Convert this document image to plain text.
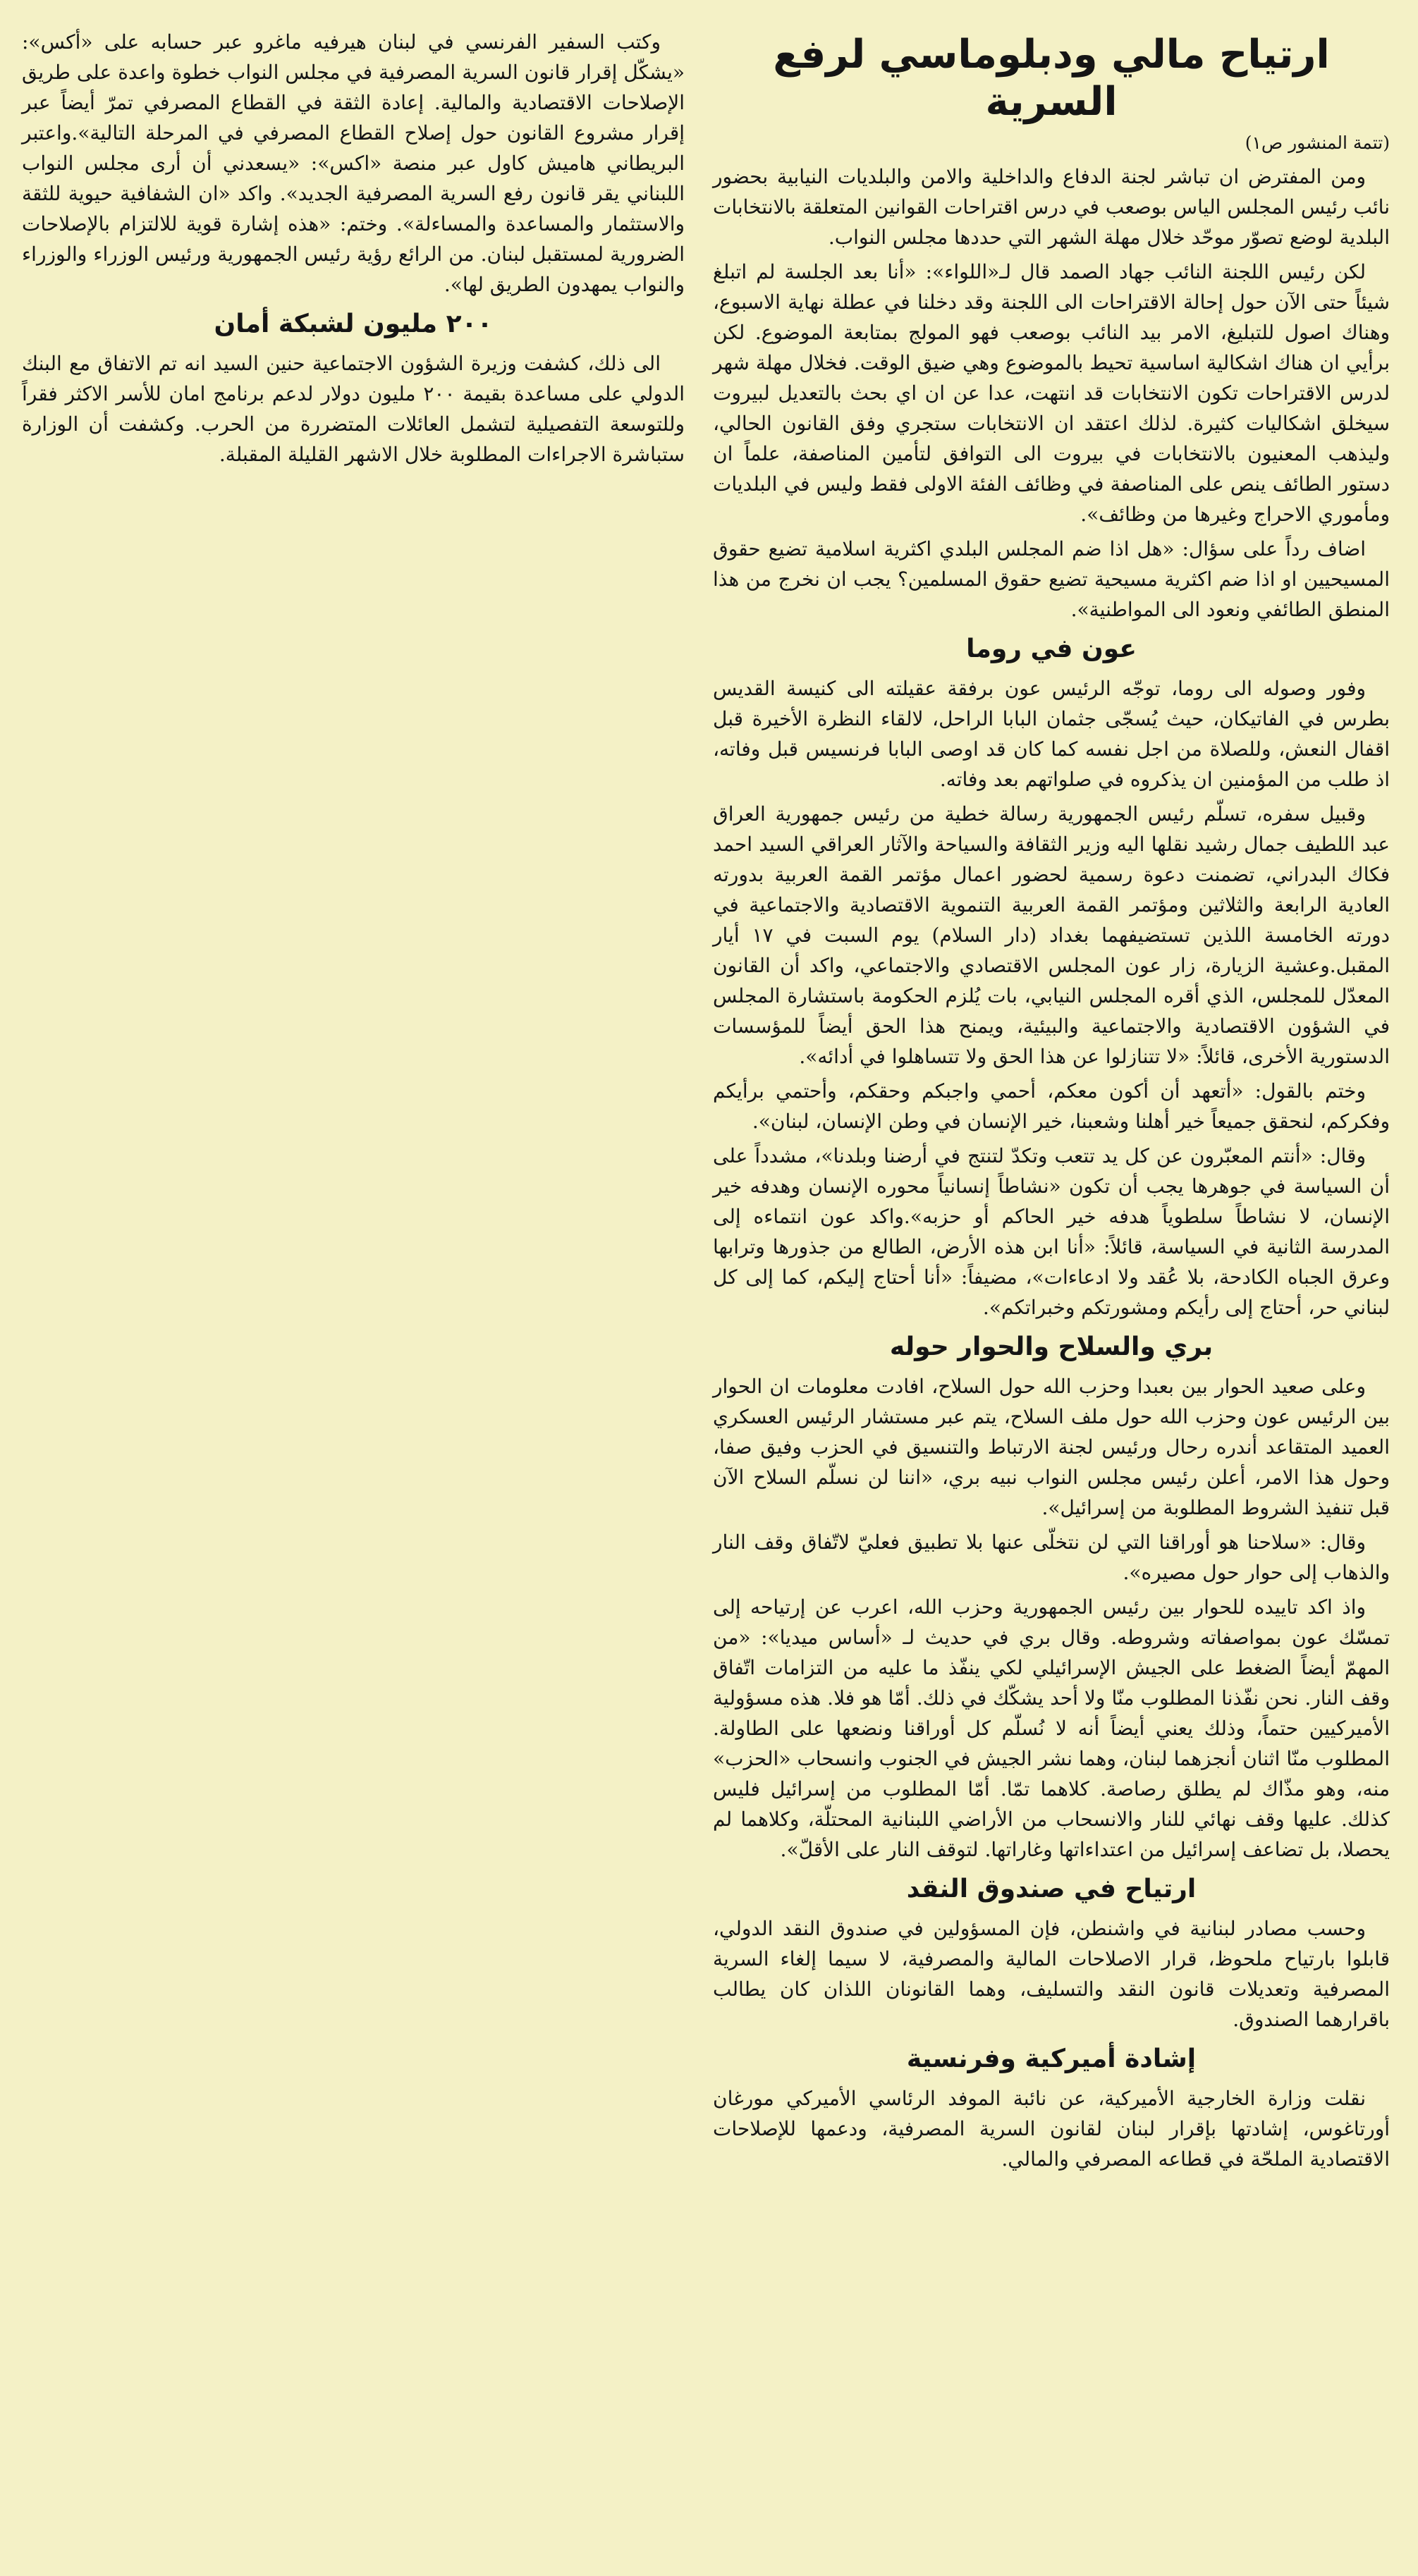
ارتياح مالي ودبلوماسي لرفع السرية
(تتمة المنشور ص١)

ومن المفترض ان تباشر لجنة الدفاع والداخلية والامن والبلديات النيابية بحضور نائب رئيس المجلس الياس بوصعب في درس اقتراحات القوانين المتعلقة بالانتخابات البلدية لوضع تصوّر موحّد خلال مهلة الشهر التي حددها مجلس النواب.

لكن رئيس اللجنة النائب جهاد الصمد قال لـ«اللواء»: «أنا بعد الجلسة لم اتبلغ شيئاً حتى الآن حول إحالة الاقتراحات الى اللجنة وقد دخلنا في عطلة نهاية الاسبوع، وهناك اصول للتبليغ، الامر بيد النائب بوصعب فهو المولج بمتابعة الموضوع. لكن برأيي ان هناك اشكالية اساسية تحيط بالموضوع وهي ضيق الوقت. فخلال مهلة شهر لدرس الاقتراحات تكون الانتخابات قد انتهت، عدا عن ان اي بحث بالتعديل لبيروت سيخلق اشكاليات كثيرة. لذلك اعتقد ان الانتخابات ستجري وفق القانون الحالي، وليذهب المعنيون بالانتخابات في بيروت الى التوافق لتأمين المناصفة، علماً ان دستور الطائف ينص على المناصفة في وظائف الفئة الاولى فقط وليس في البلديات ومأموري الاحراج وغيرها من وظائف».

اضاف رداً على سؤال: «هل اذا ضم المجلس البلدي اكثرية اسلامية تضيع حقوق المسيحيين او اذا ضم اكثرية مسيحية تضيع حقوق المسلمين؟ يجب ان نخرج من هذا المنطق الطائفي ونعود الى المواطنية».

عون في روما

وفور وصوله الى روما، توجّه الرئيس عون برفقة عقيلته الى كنيسة القديس بطرس في الفاتيكان، حيث يُسجّى جثمان البابا الراحل، لالقاء النظرة الأخيرة قبل اقفال النعش، وللصلاة من اجل نفسه كما كان قد اوصى البابا فرنسيس قبل وفاته، اذ طلب من المؤمنين ان يذكروه في صلواتهم بعد وفاته.

وقبيل سفره، تسلّم رئيس الجمهورية رسالة خطية من رئيس جمهورية العراق عبد اللطيف جمال رشيد نقلها اليه وزير الثقافة والسياحة والآثار العراقي السيد احمد فكاك البدراني، تضمنت دعوة رسمية لحضور اعمال مؤتمر القمة العربية بدورته العادية الرابعة والثلاثين ومؤتمر القمة العربية التنموية الاقتصادية والاجتماعية في دورته الخامسة اللذين تستضيفهما بغداد (دار السلام) يوم السبت في ١٧ أيار المقبل.وعشية الزيارة، زار عون المجلس الاقتصادي والاجتماعي، واكد أن القانون المعدّل للمجلس، الذي أقره المجلس النيابي، بات يُلزم الحكومة باستشارة المجلس في الشؤون الاقتصادية والاجتماعية والبيئية، ويمنح هذا الحق أيضاً للمؤسسات الدستورية الأخرى، قائلاً: «لا تتنازلوا عن هذا الحق ولا تتساهلوا في أدائه».

وختم بالقول: «أتعهد أن أكون معكم، أحمي واجبكم وحقكم، وأحتمي برأيكم وفكركم، لنحقق جميعاً خير أهلنا وشعبنا، خير الإنسان في وطن الإنسان، لبنان».

وقال: «أنتم المعبّرون عن كل يد تتعب وتكدّ لتنتج في أرضنا وبلدنا»، مشدداً على أن السياسة في جوهرها يجب أن تكون «نشاطاً إنسانياً محوره الإنسان وهدفه خير الإنسان، لا نشاطاً سلطوياً هدفه خير الحاكم أو حزبه».واكد عون انتماءه إلى المدرسة الثانية في السياسة، قائلاً: «أنا ابن هذه الأرض، الطالع من جذورها وترابها وعرق الجباه الكادحة، بلا عُقد ولا ادعاءات»، مضيفاً: «أنا أحتاج إليكم، كما إلى كل لبناني حر، أحتاج إلى رأيكم ومشورتكم وخبراتكم».

بري والسلاح والحوار حوله

وعلى صعيد الحوار بين بعبدا وحزب الله حول السلاح، افادت معلومات ان الحوار بين الرئيس عون وحزب الله حول ملف السلاح، يتم عبر مستشار الرئيس العسكري العميد المتقاعد أندره رحال ورئيس لجنة الارتباط والتنسيق في الحزب وفيق صفا، وحول هذا الامر، أعلن رئيس مجلس النواب نبيه بري، «اننا لن نسلّم السلاح الآن قبل تنفيذ الشروط المطلوبة من إسرائيل».

وقال: «سلاحنا هو أوراقنا التي لن نتخلّى عنها بلا تطبيق فعليّ لاتّفاق وقف النار والذهاب إلى حوار حول مصيره».

واذ اكد تاييده للحوار بين رئيس الجمهورية وحزب الله، اعرب عن إرتياحه إلى تمسّك عون بمواصفاته وشروطه. وقال بري في حديث لـ «أساس ميديا»: «من المهمّ أيضاً الضغط على الجيش الإسرائيلي لكي ينفّذ ما عليه من التزامات اتّفاق وقف النار. نحن نفّذنا المطلوب منّا ولا أحد يشكّك في ذلك. أمّا هو فلا. هذه مسؤولية الأميركيين حتماً، وذلك يعني أيضاً أنه لا نُسلّم كل أوراقنا ونضعها على الطاولة. المطلوب منّا اثنان أنجزهما لبنان، وهما نشر الجيش في الجنوب وانسحاب «الحزب» منه، وهو مذّاك لم يطلق رصاصة. كلاهما تمّا. أمّا المطلوب من إسرائيل فليس كذلك. عليها وقف نهائي للنار والانسحاب من الأراضي اللبنانية المحتلّة، وكلاهما لم يحصلا، بل تضاعف إسرائيل من اعتداءاتها وغاراتها. لتوقف النار على الأقلّ».

ارتياح في صندوق النقد

وحسب مصادر لبنانية في واشنطن، فإن المسؤولين في صندوق النقد الدولي، قابلوا بارتياح ملحوظ، قرار الاصلاحات المالية والمصرفية، لا سيما إلغاء السرية المصرفية وتعديلات قانون النقد والتسليف، وهما القانونان اللذان كان يطالب باقرارهما الصندوق.

إشادة أميركية وفرنسية

نقلت وزارة الخارجية الأميركية، عن نائبة الموفد الرئاسي الأميركي مورغان أورتاغوس، إشادتها بإقرار لبنان لقانون السرية المصرفية، ودعمها للإصلاحات الاقتصادية الملحّة في قطاعه المصرفي والمالي.

وكتب السفير الفرنسي في لبنان هيرفيه ماغرو عبر حسابه على «أكس»: «يشكّل إقرار قانون السرية المصرفية في مجلس النواب خطوة واعدة على طريق الإصلاحات الاقتصادية والمالية. إعادة الثقة في القطاع المصرفي تمرّ أيضاً عبر إقرار مشروع القانون حول إصلاح القطاع المصرفي في المرحلة التالية».واعتبر البريطاني هاميش كاول عبر منصة «اكس»: «يسعدني أن أرى مجلس النواب اللبناني يقر قانون رفع السرية المصرفية الجديد». واكد «ان الشفافية حيوية للثقة والاستثمار والمساعدة والمساءلة». وختم: «هذه إشارة قوية للالتزام بالإصلاحات الضرورية لمستقبل لبنان. من الرائع رؤية رئيس الجمهورية ورئيس الوزراء والوزراء والنواب يمهدون الطريق لها».

٢٠٠ مليون لشبكة أمان

الى ذلك، كشفت وزيرة الشؤون الاجتماعية حنين السيد انه تم الاتفاق مع البنك الدولي على مساعدة بقيمة ٢٠٠ مليون دولار لدعم برنامج امان للأسر الاكثر فقراً وللتوسعة التفصيلية لتشمل العائلات المتضررة من الحرب. وكشفت أن الوزارة ستباشرة الاجراءات المطلوبة خلال الاشهر القليلة المقبلة.
